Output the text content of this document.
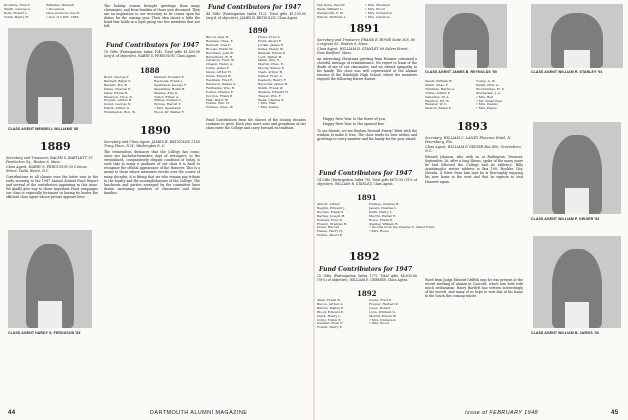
Doolittle, Fred T.
Smith, George A.
Roth, Robert L.
Tobin, Henry H.
Williams, Wendell
• Deceased
since previous report
• Son of C.P.M. 1889
CLASS AGENT WENDELL WILLIAMS '88
1889
Secretary and Treasurer, RALPH S. BARTLETT 15 Pemberton Sq., Boston 8, Mass.
Class Agent, HARRY S. FERGUSON 55 Corona Street, Delta, Barre, N.Y.

Contributions to all classes over the letter sent in the early morning to the 1947 Annual Alumni Fund Report and several of the contributors appearing in this issue. We gladly give way to those important Fund campaigns our class is especially fortunate in having its leader the efficient class agent whose picture appears here.

CLASS AGENT HARDY S. FERGUSON '89

The holiday season brought greetings from many classmates, and from families of those now deceased. They are an inspiration to our secretary as he comes upon his duties for the coming year. Their idea shows a little the bond that holds in a loyal group our few members that are left.

Fund Contributors for 1947

18 Gifts (Participation Index 104). Total gifts $1,859.00 (avg'd. of objective). HARRY S. FERGUSON, Class Agent.

1888
Bond, George T.
Bartlett, Ralph S.
Bassett, Roy B.
Dame, Charles E.
Dana, Edwin B.
Emerson, Thos. D.
Everett, Arthur B.
Gould, George N.
Hatch, Arthur G.
Huntington, Rob. W.
Kimball, Howard E.
Reynolds, Frank J.
Sparhawk, George F.
Spaulding, Rollin B.
Stanley, Erle D.
Taylor, Elmer A.
Wilber, Nathan C.
Wynne, Harold T.
• Mrs. Sparhawk
Wood, Dr. Walter F.
1890
Secretary and Class Agent, JAMES B. REYNOLDS 2138 Tracy Place, N.W., Washington 8, C.

The tremendous distances that the College has come, since our bachelor-formative days of retrospect, to the streamlined, comparatively elegant condition of today, is such that to many a graduate of our class it is hard to recognize the official appearance of the Hanover. This is a memo to those whose memories recede over the course of many decades; it is fitting that we who remain pay tribute to the loyalty and the accomplishments of the College. The luncheons and parties arranged by the committee have drawn increasing numbers of classmates and their families.

Fund Contributors for 1947

44 Gifts (Participation Index 112). Total gifts $1,100.00 (avg'd. of objective). JAMES B. REYNOLDS, Class Agent.

1890
Bacon, Alva H.
Beaman, Chas. F.
Bennett, Alva F.
Brooks, Frank W.
Burnham, John R.
Butterfield, W. H.
Carleton, Fred. W.
Chapin, Henry A.
Colby, James F.
Davis, Arthur H.
Dunn, Ernest W.
Eastman, Fred E.
Emerson, Walter A.
Fairbanks, Wm. H.
Foster, Charles E.
Gordon, Frank E.
Hall, Harry W.
Hobbs, Wm. H.
Holmes, Chas. W.
Howe, Fred A.
Hurd, Albert F.
Jordan, James E.
Kelley, Henry W.
Kimball, Edwin P.
Lord, Walter H.
Mann, Wm. F.
Merrill, Chas. E.
Moody, Sidney E.
Nash, Arthur B.
Parker, Fred. A.
Peabody, Henry F.
Reynolds, James B.
Smith, Frank W.
Stearns, Edward H.
Thayer, Wm. F.
Wells, Charles P.
• Mrs. Hall
• Mrs. Kelley

Fund Contributors from the classes of the closing decades continue to grow. Each year more sons and grandsons of our class enter the College and carry forward its tradition.

44	DARTMOUTH ALUMNI MAGAZINE
Van Dyne, Paul W.
Wells, William L.
Wentworth, F. W.
Wilson, Bertram L.
• Mrs. Shedleys
• Mrs. Wood
• Mrs. Nickerson
• Mrs. Carleton
1891
Secretary and Treasurer, FRANK E. ROWE Suite 305, 80 Congress St., Boston 9, Mass.
Class Agent, WILLIAM R. STANLEY 69 Salem Street, New Bedford, Mass.

An interesting Christmas greeting from Hosmer contained a cheerful message of remembrance. We regret to learn of the death of one of our classmates, and we extend sympathy to his family. The class was well represented at the Alumni reunion of the Randolph High School, where the members enjoyed the following festive dinner.

Happy New Year to the three of you;
Happy New Year to the opened few.

To our friends, we are Reuben Howard Emery! Blest with the wisdom to make it true. The class sends its best wishes and greetings to every member and his family for the year ahead.

Fund Contributors for 1947

14 Gifts (Participation Index 78). Total gifts $675.93 (51% of objective). WILLIAM R. STANLEY, Class Agent.

1891
Abbott, Arthur
Beghin, Edward J.
Boyden, Edward
Bartley, Joseph H.
Fernald, Fred D.
French, Prentiss H.
Greer, Harold
Hazen, Harry H.
Hobbs, Albert P.
Holmes, Charles B.
Jewett, Charles L.
Keith, Harry L.
Merrill, Walter E.
Rowe, Frank E.
Stanley, William R.
• Income from the Charles F. Alfred Fund
• Mrs. Rowe
1892
Fund Contributors for 1947

25 Gifts (Participation Index 177). Total gifts $4,635.86 (78%) of objective). WILLIAM E. GERMER, Class Agent.

1892
Allen, Frank B.
Bacon, Arthur A.
Barton, Walter E.
Blood, Edward P.
Clark, Henry L.
Colby, Edwin E.
Dunster, Eben F.
Fowler, Harry E.
Gould, Fred P.
Hooper, Herbert P.
Jones, Robert
Lyon, Winfield G.
Merrill, Edwin W.
• Mrs. Nickerson
• Mrs. Wood
CLASS AGENT JAMES B. REYNOLDS '90	CLASS AGENT WILLIAM R. STANLEY '91
Swett, William H.
Shinn, Chas. F.
Tinkham, Harris A.
Tuttle, Arthur F.
Valentine, W. A.
Waldron, Ed. R.
Webster, W. C.
Weston, Ralph E.
Young, A. W.
Smith, Edw. A.
Stockbridge, H. S.
Sturtevant, J. A.
• Mrs. Bell
• Mr. Grant Peel
• Mrs. Dennis
• Mrs. Hayes
1893
Secretary, WILLIAM C. LANDY Florence Hotel, N. Petersburg, Fla.
Class Agent, WILLIAM P. GEIGER Box 400, Greensboro, N.C.

Edward Johnson, who with us at Burlington, Vermont, September 26, after a long illness, spoke of the many years he had followed the College and its athletics. Billy Armsbaugh's winter address is Box 190, Boulder City, Nevada. A letter from him says he is thoroughly enjoying his new home in the west and that he expects to visit Hanover again.

Word from Judge Edward Griffith says he was present at the recent meeting of alumni in Concord, which was held with much enthusiasm. Harry Bartlett has written interestingly of his travels, and many of us hope to visit him at his home in the South this coming winter.

CLASS AGENT WILLIAM P. GEIGER '93
CLASS AGENT WILLIAM B. JARVIS '93
Issue of FEBRUARY 1948	45
